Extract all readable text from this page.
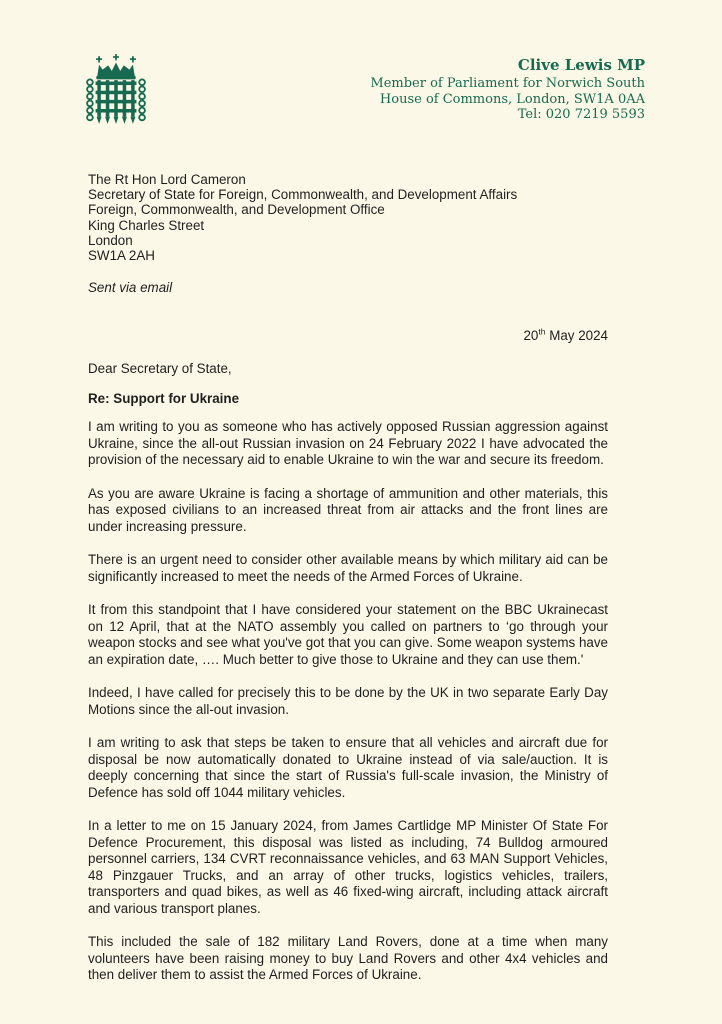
Clive Lewis MP
Member of Parliament for Norwich South
House of Commons, London, SW1A 0AA
Tel: 020 7219 5593
The Rt Hon Lord Cameron
Secretary of State for Foreign, Commonwealth, and Development Affairs
Foreign, Commonwealth, and Development Office
King Charles Street
London
SW1A 2AH
Sent via email
20th May 2024

Dear Secretary of State,

Re: Support for Ukraine

I am writing to you as someone who has actively opposed Russian aggression against Ukraine, since the all-out Russian invasion on 24 February 2022 I have advocated the provision of the necessary aid to enable Ukraine to win the war and secure its freedom.

As you are aware Ukraine is facing a shortage of ammunition and other materials, this has exposed civilians to an increased threat from air attacks and the front lines are under increasing pressure.

There is an urgent need to consider other available means by which military aid can be significantly increased to meet the needs of the Armed Forces of Ukraine.

It from this standpoint that I have considered your statement on the BBC Ukrainecast on 12 April, that at the NATO assembly you called on partners to ‘go through your weapon stocks and see what you've got that you can give. Some weapon systems have an expiration date, …. Much better to give those to Ukraine and they can use them.'

Indeed, I have called for precisely this to be done by the UK in two separate Early Day Motions since the all-out invasion.

I am writing to ask that steps be taken to ensure that all vehicles and aircraft due for disposal be now automatically donated to Ukraine instead of via sale/auction. It is deeply concerning that since the start of Russia's full-scale invasion, the Ministry of Defence has sold off 1044 military vehicles.

In a letter to me on 15 January 2024, from James Cartlidge MP Minister Of State For Defence Procurement, this disposal was listed as including, 74 Bulldog armoured personnel carriers, 134 CVRT reconnaissance vehicles, and 63 MAN Support Vehicles, 48 Pinzgauer Trucks, and an array of other trucks, logistics vehicles, trailers, transporters and quad bikes, as well as 46 fixed-wing aircraft, including attack aircraft and various transport planes.

This included the sale of 182 military Land Rovers, done at a time when many volunteers have been raising money to buy Land Rovers and other 4x4 vehicles and then deliver them to assist the Armed Forces of Ukraine.
